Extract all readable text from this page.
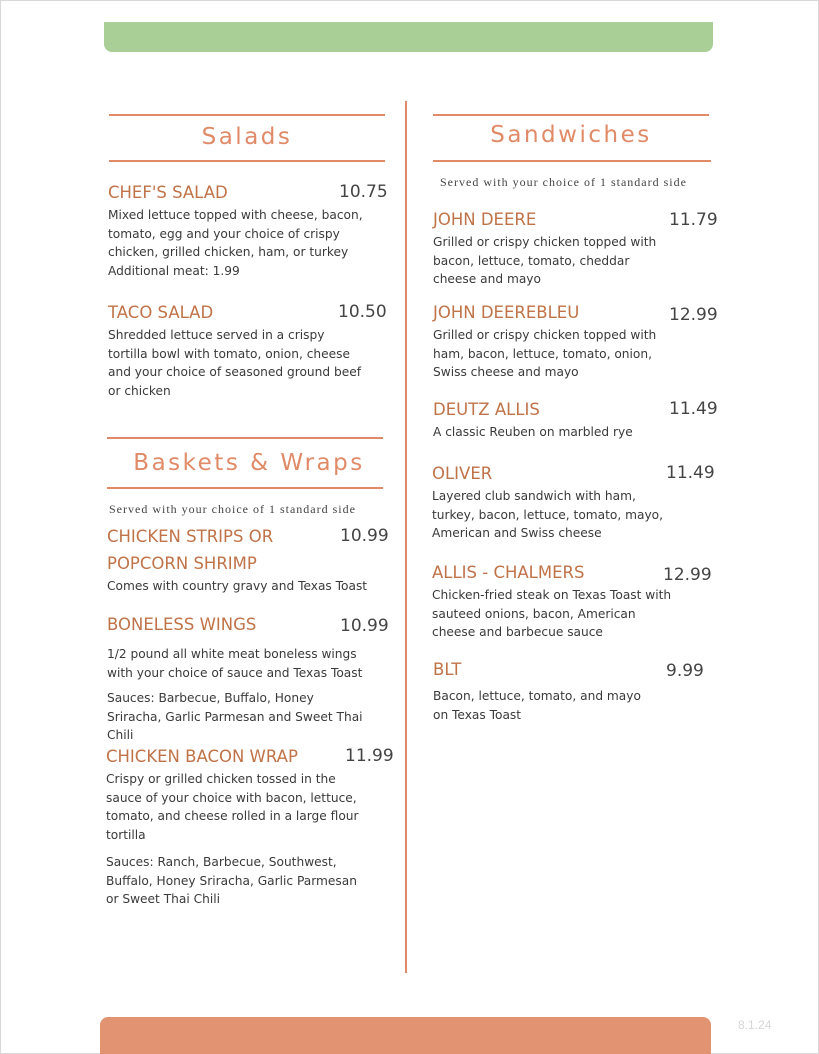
Salads
CHEF'S SALAD	10.75

Mixed lettuce topped with cheese, bacon, tomato, egg and your choice of crispy chicken, grilled chicken, ham, or turkey

Additional meat: 1.99

TACO SALAD	10.50

Shredded lettuce served in a crispy tortilla bowl with tomato, onion, cheese and your choice of seasoned ground beef or chicken

Baskets & Wraps
Served with your choice of 1 standard side
CHICKEN STRIPS OR POPCORN SHRIMP
10.99

Comes with country gravy and Texas Toast

BONELESS WINGS	10.99

1/2 pound all white meat boneless wings with your choice of sauce and Texas Toast

Sauces: Barbecue, Buffalo, Honey Sriracha, Garlic Parmesan and Sweet Thai Chili

CHICKEN BACON WRAP	11.99

Crispy or grilled chicken tossed in the sauce of your choice with bacon, lettuce, tomato, and cheese rolled in a large flour tortilla

Sauces: Ranch, Barbecue, Southwest, Buffalo, Honey Sriracha, Garlic Parmesan or Sweet Thai Chili

Sandwiches
Served with your choice of 1 standard side
JOHN DEERE	11.79

Grilled or crispy chicken topped with bacon, lettuce, tomato, cheddar cheese and mayo

JOHN DEEREBLEU	12.99

Grilled or crispy chicken topped with ham, bacon, lettuce, tomato, onion, Swiss cheese and mayo

DEUTZ ALLIS	11.49

A classic Reuben on marbled rye

OLIVER	11.49

Layered club sandwich with ham, turkey, bacon, lettuce, tomato, mayo, American and Swiss cheese

ALLIS - CHALMERS	12.99

Chicken-fried steak on Texas Toast with sauteed onions, bacon, American cheese and barbecue sauce

BLT	9.99

Bacon, lettuce, tomato, and mayo on Texas Toast

8.1.24
